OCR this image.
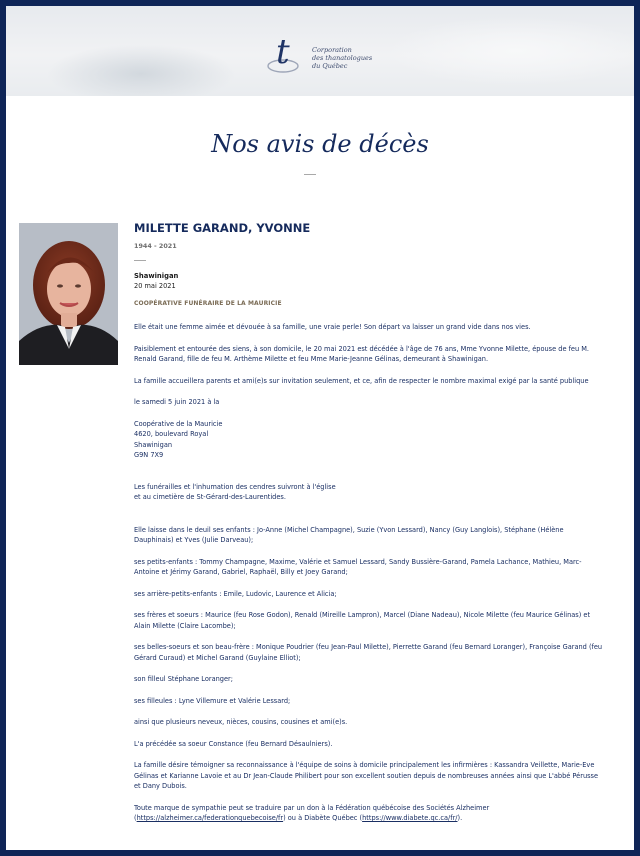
t	Corporation
des thanatologues
du Québec
Nos avis de décès
MILETTE GARAND, YVONNE
1944 - 2021
Shawinigan
20 mai 2021
COOPÉRATIVE FUNÉRAIRE DE LA MAURICIE

Elle était une femme aimée et dévouée à sa famille, une vraie perle! Son départ va laisser un grand vide dans nos vies.

Paisiblement et entourée des siens, à son domicile, le 20 mai 2021 est décédée à l'âge de 76 ans, Mme Yvonne Milette, épouse de feu M. Renald Garand, fille de feu M. Arthème Milette et feu Mme Marie-Jeanne Gélinas, demeurant à Shawinigan.

La famille accueillera parents et ami(e)s sur invitation seulement, et ce, afin de respecter le nombre maximal exigé par la santé publique

le samedi 5 juin 2021 à la

Coopérative de la Mauricie
4620, boulevard Royal
Shawinigan
G9N 7X9

Les funérailles et l'inhumation des cendres suivront à l'église
et au cimetière de St-Gérard-des-Laurentides.

Elle laisse dans le deuil ses enfants : Jo-Anne (Michel Champagne), Suzie (Yvon Lessard), Nancy (Guy Langlois), Stéphane (Hélène Dauphinais) et Yves (Julie Darveau);

ses petits-enfants : Tommy Champagne, Maxime, Valérie et Samuel Lessard, Sandy Bussière-Garand, Pamela Lachance, Mathieu, Marc-Antoine et Jérimy Garand, Gabriel, Raphaël, Billy et Joey Garand;

ses arrière-petits-enfants : Emile, Ludovic, Laurence et Alicia;

ses frères et soeurs : Maurice (feu Rose Godon), Renald (Mireille Lampron), Marcel (Diane Nadeau), Nicole Milette (feu Maurice Gélinas) et Alain Milette (Claire Lacombe);

ses belles-soeurs et son beau-frère : Monique Poudrier (feu Jean-Paul Milette), Pierrette Garand (feu Bernard Loranger), Françoise Garand (feu Gérard Curaud) et Michel Garand (Guylaine Elliot);

son filleul Stéphane Loranger;

ses filleules : Lyne Villemure et Valérie Lessard;

ainsi que plusieurs neveux, nièces, cousins, cousines et ami(e)s.

L'a précédée sa soeur Constance (feu Bernard Désaulniers).

La famille désire témoigner sa reconnaissance à l'équipe de soins à domicile principalement les infirmières : Kassandra Veillette, Marie-Eve Gélinas et Karianne Lavoie et au Dr Jean-Claude Philibert pour son excellent soutien depuis de nombreuses années ainsi que L'abbé Pérusse et Dany Dubois.

Toute marque de sympathie peut se traduire par un don à la Fédération québécoise des Sociétés Alzheimer (https://alzheimer.ca/federationquebecoise/fr) ou à Diabète Québec (https://www.diabete.qc.ca/fr/).
